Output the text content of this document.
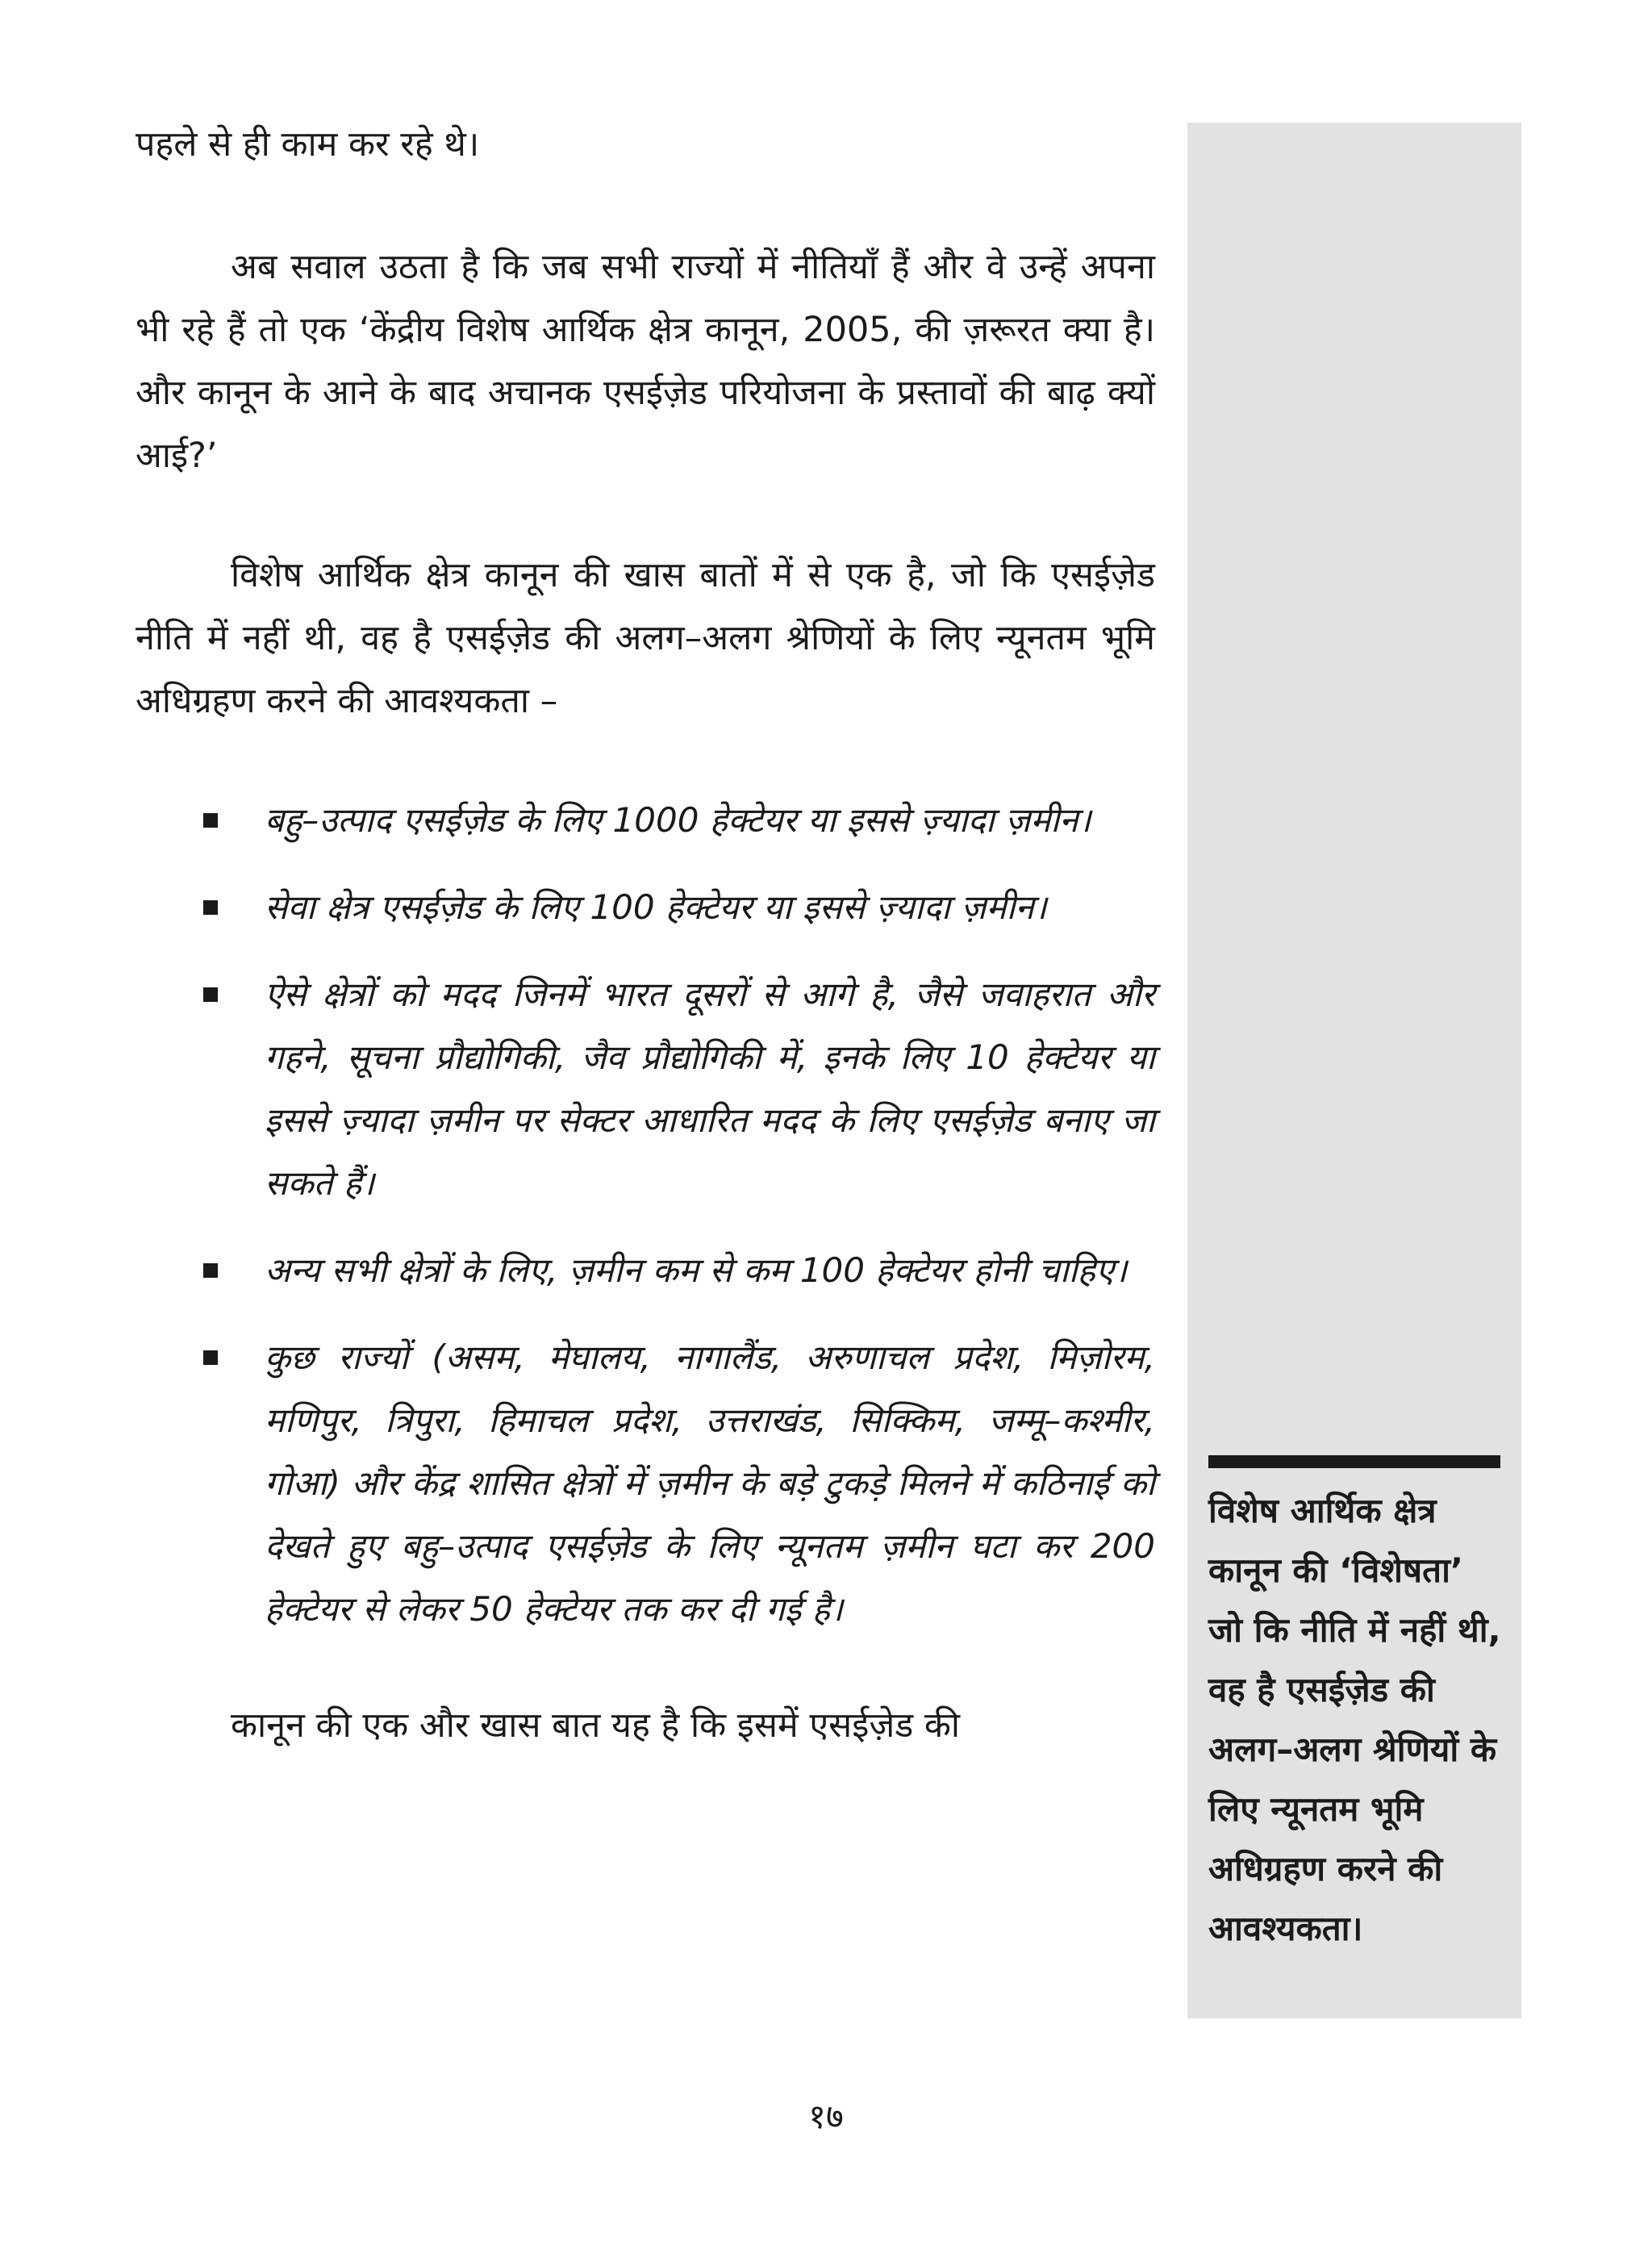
पहले से ही काम कर रहे थे।

अब सवाल उठता है कि जब सभी राज्यों में नीतियाँ हैं और वे उन्हें अपना भी रहे हैं तो एक ‘केंद्रीय विशेष आर्थिक क्षेत्र कानून, 2005, की ज़रूरत क्या है। और कानून के आने के बाद अचानक एसईज़ेड परियोजना के प्रस्तावों की बाढ़ क्यों आई?’

विशेष आर्थिक क्षेत्र कानून की खास बातों में से एक है, जो कि एसईज़ेड नीति में नहीं थी, वह है एसईज़ेड की अलग–अलग श्रेणियों के लिए न्यूनतम भूमि अधिग्रहण करने की आवश्यकता –

बहु–उत्पाद एसईज़ेड के लिए 1000 हेक्टेयर या इससे ज़्यादा ज़मीन।
सेवा क्षेत्र एसईज़ेड के लिए 100 हेक्टेयर या इससे ज़्यादा ज़मीन।
ऐसे क्षेत्रों को मदद जिनमें भारत दूसरों से आगे है, जैसे जवाहरात और गहने, सूचना प्रौद्योगिकी, जैव प्रौद्योगिकी में, इनके लिए 10 हेक्टेयर या इससे ज़्यादा ज़मीन पर सेक्टर आधारित मदद के लिए एसईज़ेड बनाए जा सकते हैं।
अन्य सभी क्षेत्रों के लिए, ज़मीन कम से कम 100 हेक्टेयर होनी चाहिए।
कुछ राज्यों (असम, मेघालय, नागालैंड, अरुणाचल प्रदेश, मिज़ोरम, मणिपुर, त्रिपुरा, हिमाचल प्रदेश, उत्तराखंड, सिक्किम, जम्मू–कश्मीर, गोआ) और केंद्र शासित क्षेत्रों में ज़मीन के बड़े टुकड़े मिलने में कठिनाई को देखते हुए बहु–उत्पाद एसईज़ेड के लिए न्यूनतम ज़मीन घटा कर 200 हेक्टेयर से लेकर 50 हेक्टेयर तक कर दी गई है।

कानून की एक और खास बात यह है कि इसमें एसईज़ेड की

विशेष आर्थिक क्षेत्र कानून की ‘विशेषता’ जो कि नीति में नहीं थी, वह है एसईज़ेड की अलग–अलग श्रेणियों के लिए न्यूनतम भूमि अधिग्रहण करने की आवश्यकता।
१७
